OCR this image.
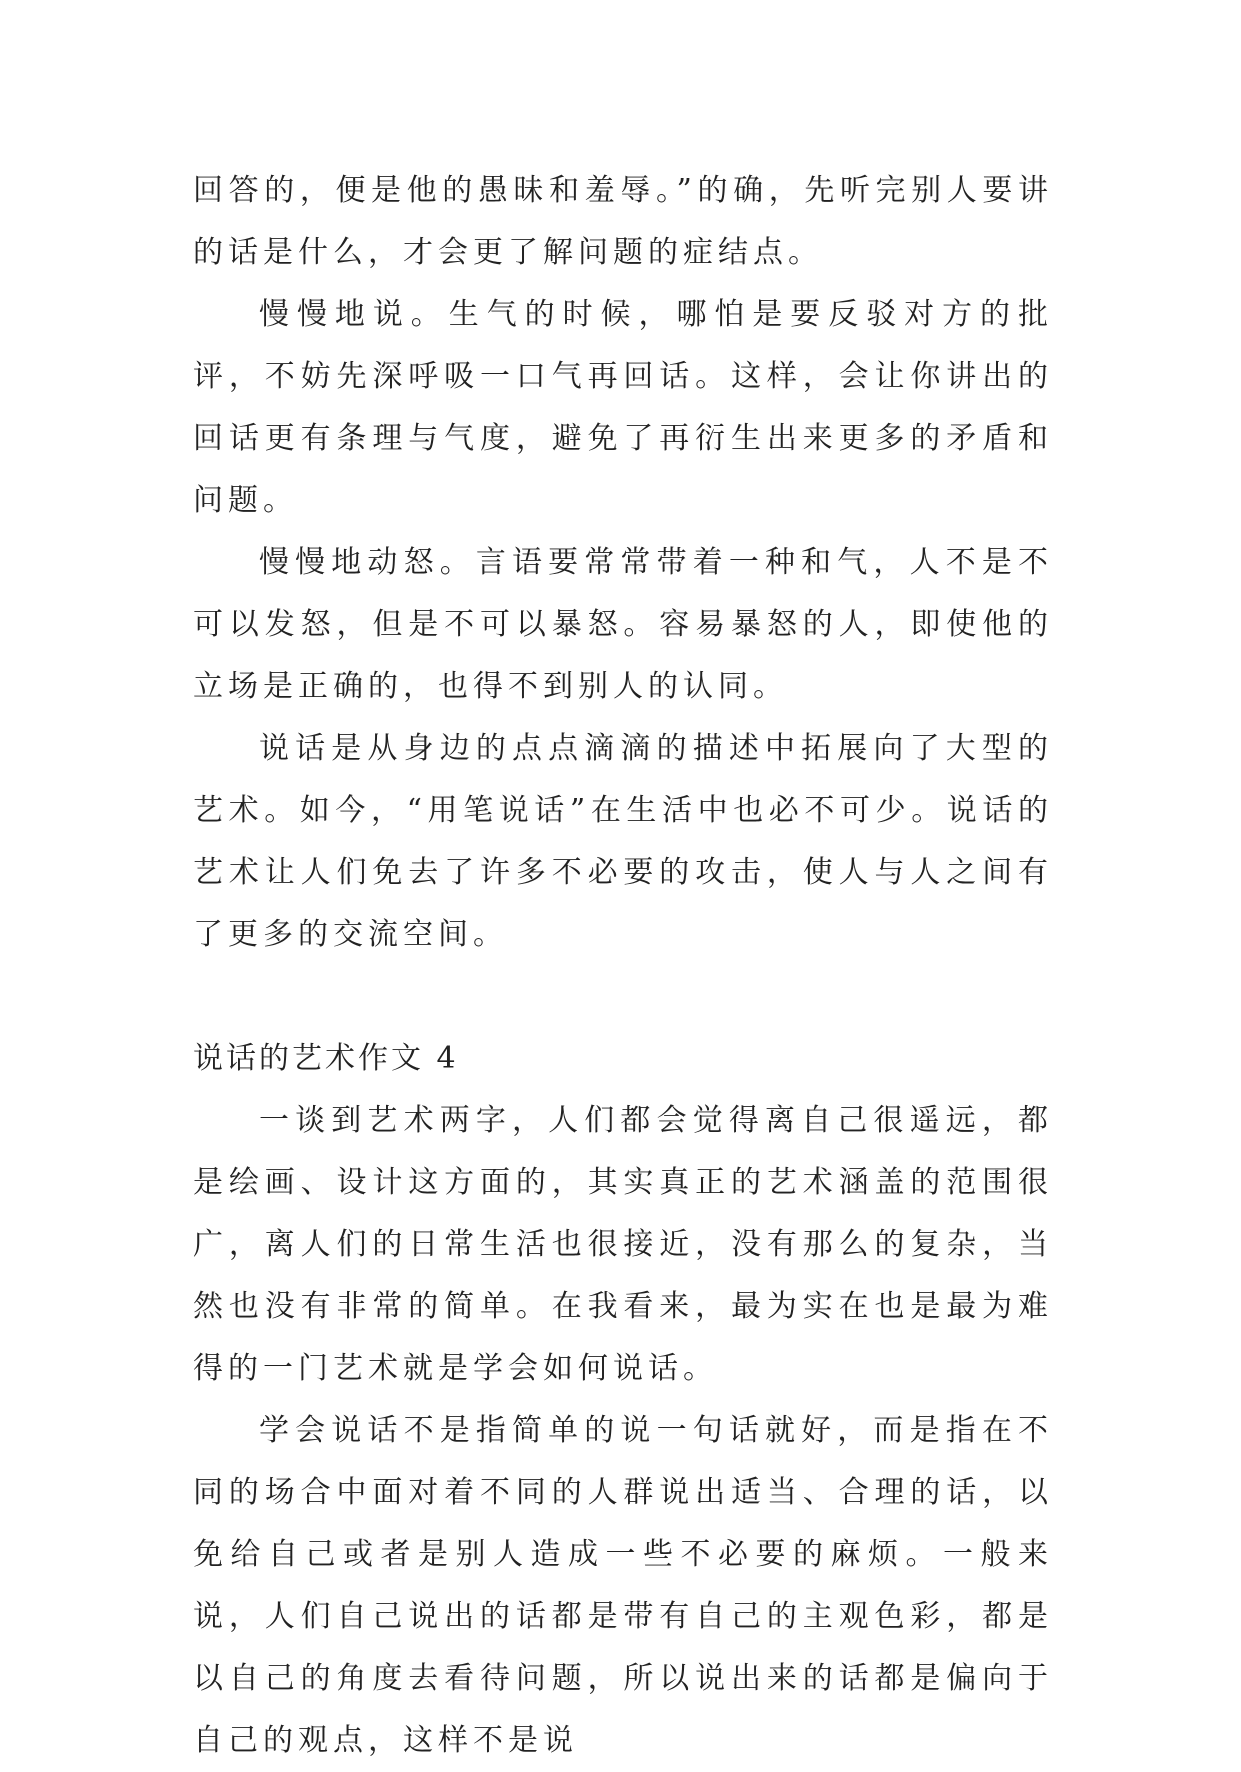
回答的，便是他的愚昧和羞辱。”的确，先听完别人要讲的话是什么，才会更了解问题的症结点。

慢慢地说。生气的时候，哪怕是要反驳对方的批评，不妨先深呼吸一口气再回话。这样，会让你讲出的回话更有条理与气度，避免了再衍生出来更多的矛盾和问题。

慢慢地动怒。言语要常常带着一种和气，人不是不可以发怒，但是不可以暴怒。容易暴怒的人，即使他的立场是正确的，也得不到别人的认同。

说话是从身边的点点滴滴的描述中拓展向了大型的艺术。如今，“用笔说话”在生活中也必不可少。说话的艺术让人们免去了许多不必要的攻击，使人与人之间有了更多的交流空间。

说话的艺术作文 4

一谈到艺术两字，人们都会觉得离自己很遥远，都是绘画、设计这方面的，其实真正的艺术涵盖的范围很广，离人们的日常生活也很接近，没有那么的复杂，当然也没有非常的简单。在我看来，最为实在也是最为难得的一门艺术就是学会如何说话。

学会说话不是指简单的说一句话就好，而是指在不同的场合中面对着不同的人群说出适当、合理的话，以免给自己或者是别人造成一些不必要的麻烦。一般来说，人们自己说出的话都是带有自己的主观色彩，都是以自己的角度去看待问题，所以说出来的话都是偏向于自己的观点，这样不是说
